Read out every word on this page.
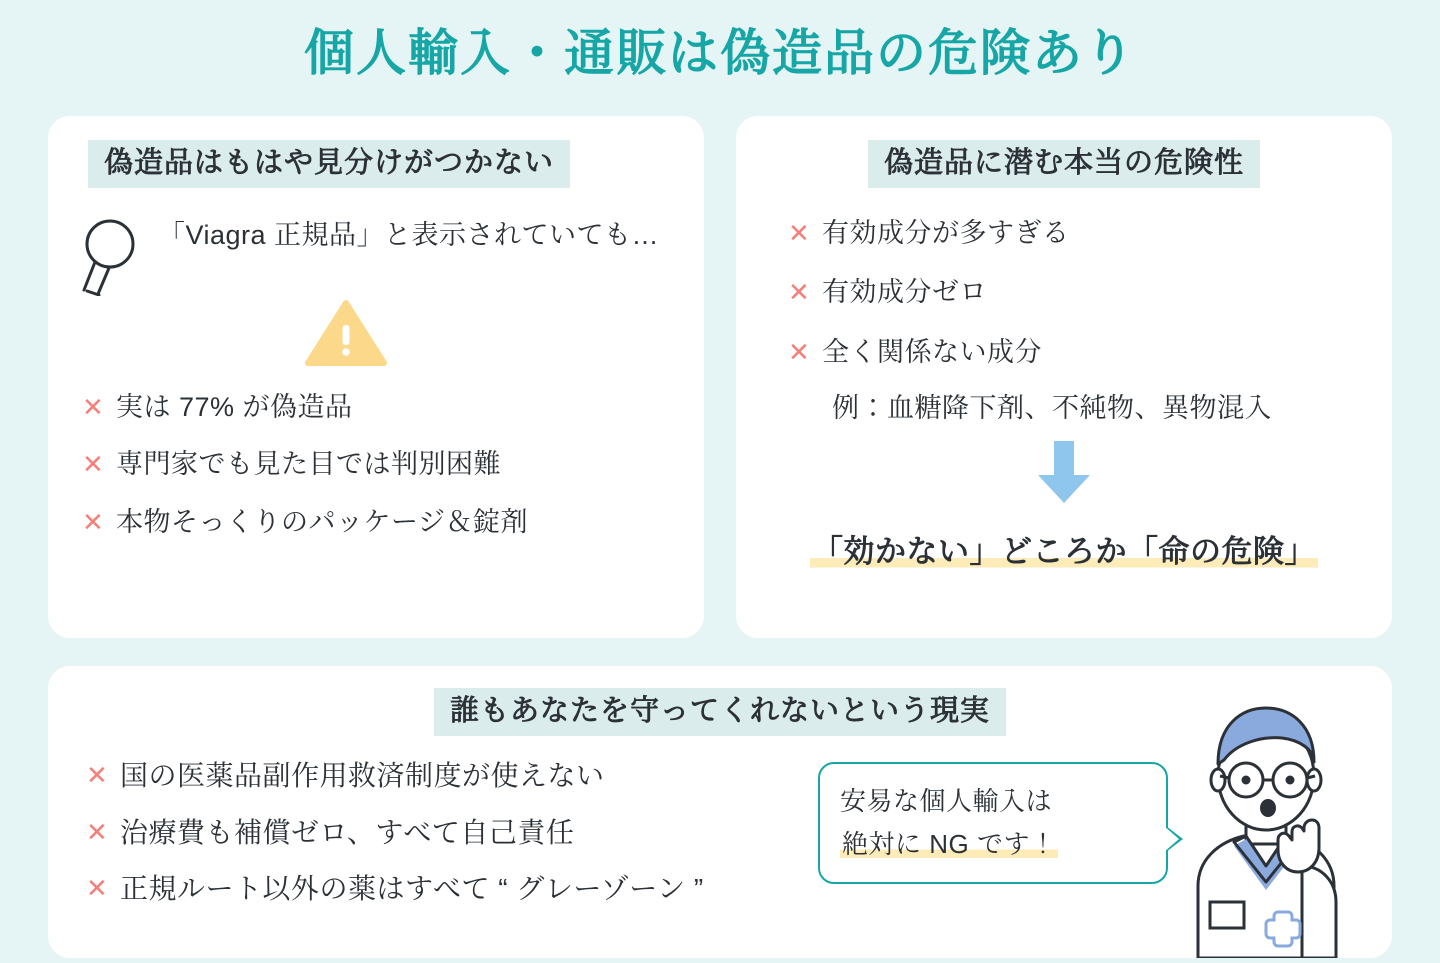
個人輸入・通販は偽造品の危険あり
偽造品はもはや見分けがつかない
「Viagra 正規品」と表示されていても…
✕ 実は 77% が偽造品
✕ 専門家でも見た目では判別困難
✕ 本物そっくりのパッケージ＆錠剤
偽造品に潜む本当の危険性
✕ 有効成分が多すぎる
✕ 有効成分ゼロ
✕ 全く関係ない成分
例：血糖降下剤、不純物、異物混入
「効かない」どころか「命の危険」
誰もあなたを守ってくれないという現実
✕ 国の医薬品副作用救済制度が使えない
✕ 治療費も補償ゼロ、すべて自己責任
✕ 正規ルート以外の薬はすべて “ グレーゾーン ”
安易な個人輸入は
絶対に NG です！
